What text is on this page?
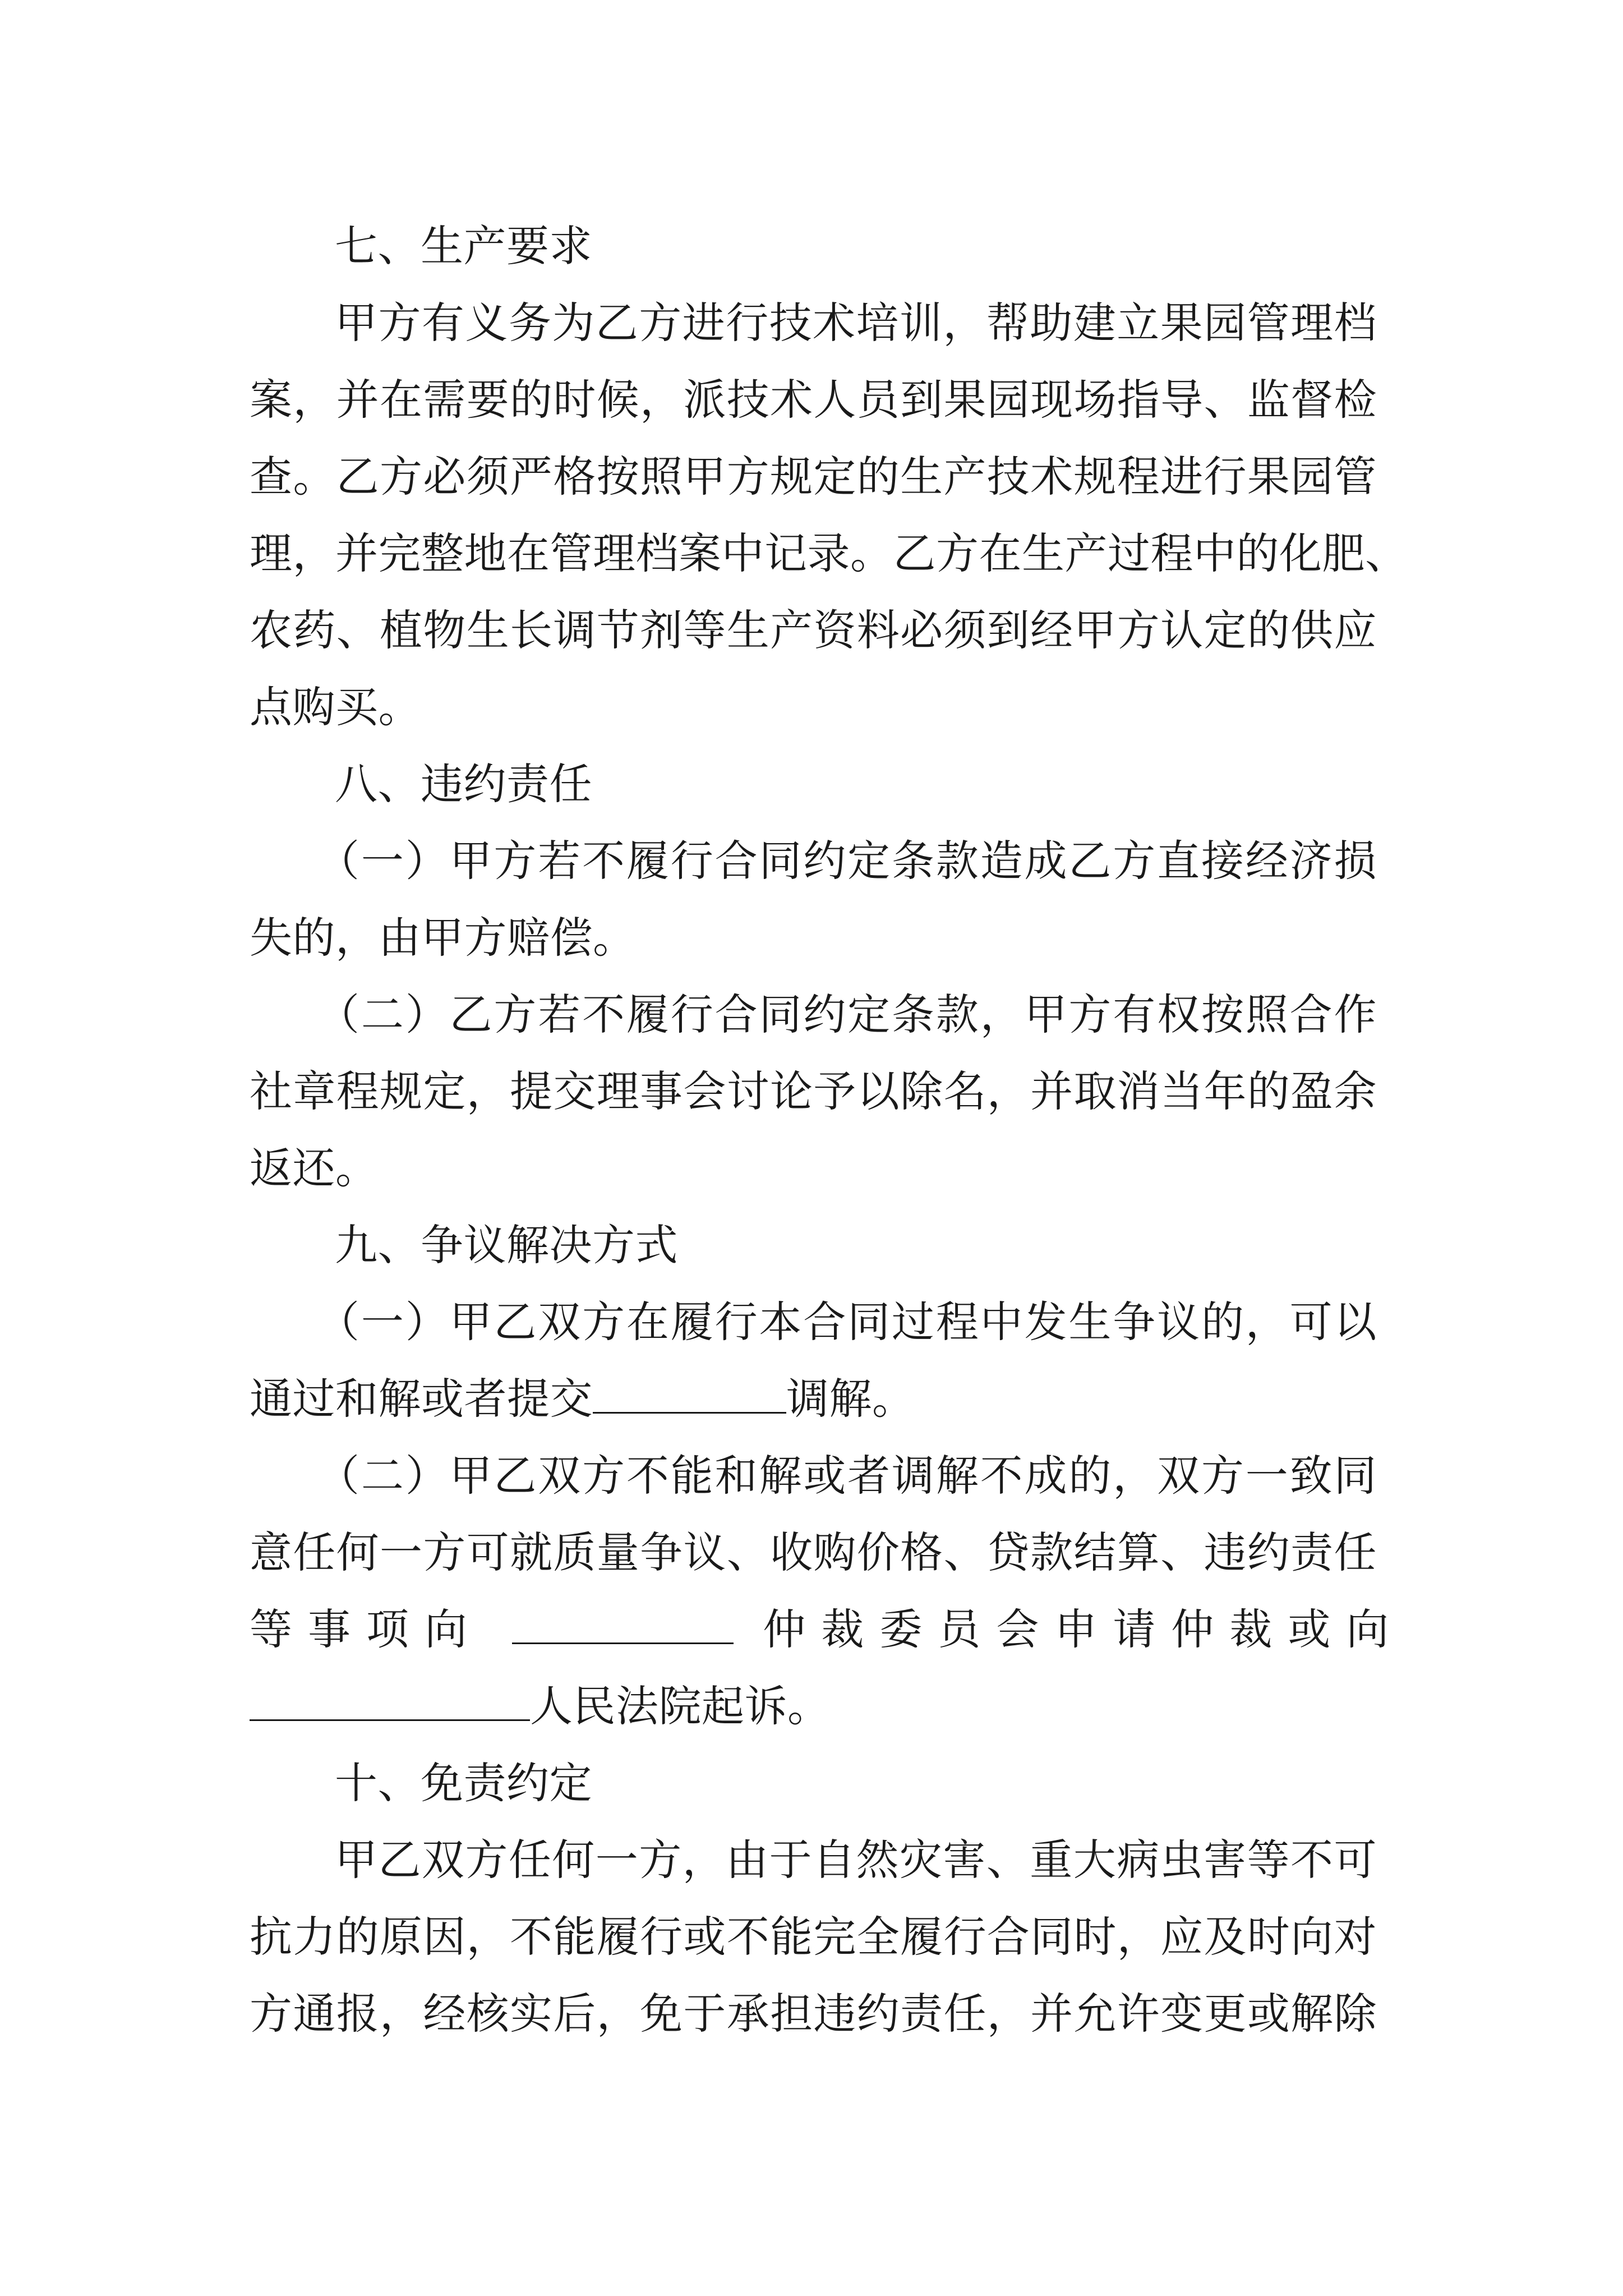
七、生产要求
甲方有义务为乙方进行技术培训，帮助建立果园管理档
案，并在需要的时候，派技术人员到果园现场指导、监督检
查。乙方必须严格按照甲方规定的生产技术规程进行果园管
理，并完整地在管理档案中记录。乙方在生产过程中的化肥、
农药、植物生长调节剂等生产资料必须到经甲方认定的供应
点购买。
八、违约责任
（一）甲方若不履行合同约定条款造成乙方直接经济损
失的，由甲方赔偿。
（二）乙方若不履行合同约定条款，甲方有权按照合作
社章程规定，提交理事会讨论予以除名，并取消当年的盈余
返还。
九、争议解决方式
（一）甲乙双方在履行本合同过程中发生争议的，可以
通过和解或者提交	调解。
（二）甲乙双方不能和解或者调解不成的，双方一致同
意任何一方可就质量争议、收购价格、贷款结算、违约责任
等事项向	仲裁委员会申请仲裁或向
人民法院起诉。
十、免责约定
甲乙双方任何一方，由于自然灾害、重大病虫害等不可
抗力的原因，不能履行或不能完全履行合同时，应及时向对
方通报，经核实后，免于承担违约责任，并允许变更或解除
